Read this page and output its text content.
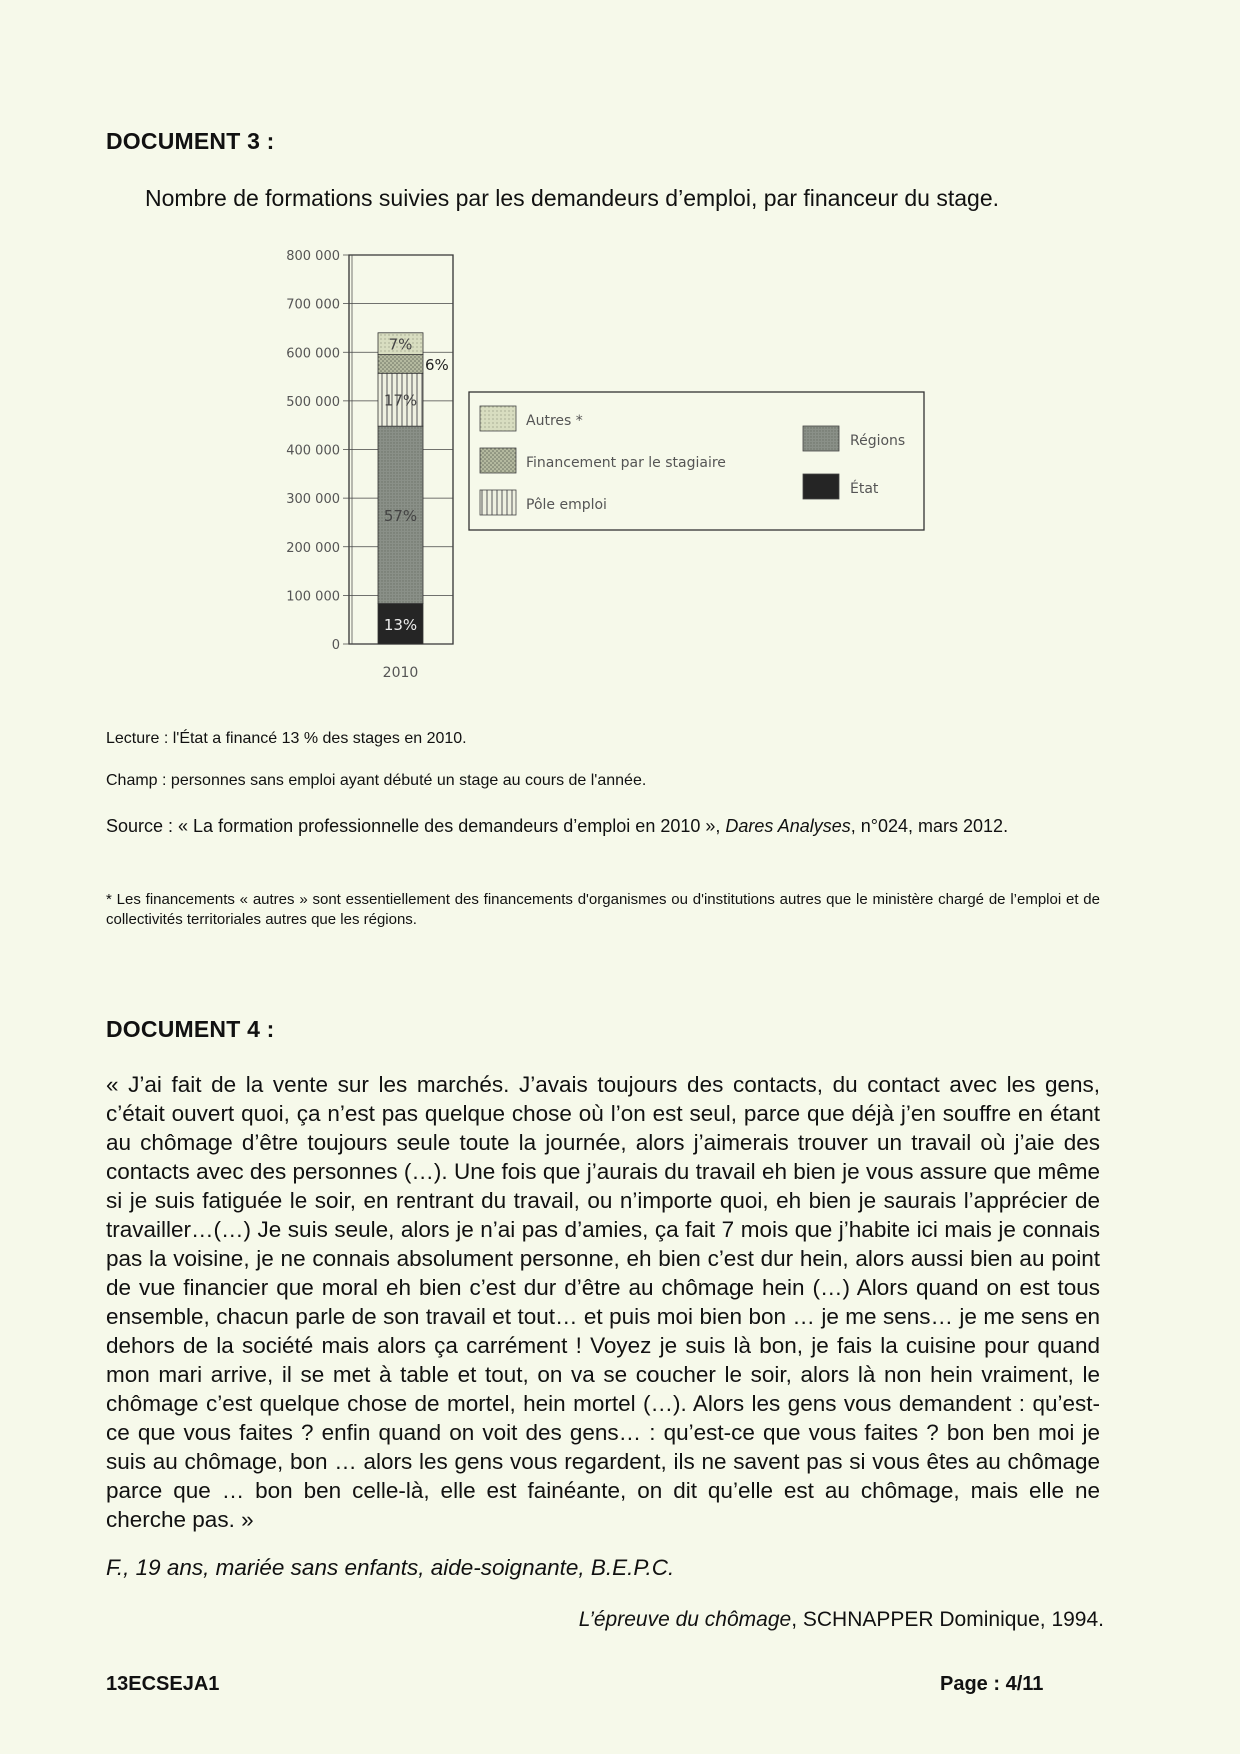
DOCUMENT 3 :
Nombre de formations suivies par les demandeurs d’emploi, par financeur du stage.
0
100 000
200 000
300 000
400 000
500 000
600 000
700 000
800 000
2010
13%
57%
17%
6%
7%
Autres *
Financement par le stagiaire
Pôle emploi
Régions
État
Lecture : l'État a financé 13 % des stages en 2010.
Champ : personnes sans emploi ayant débuté un stage au cours de l'année.
Source : « La formation professionnelle des demandeurs d’emploi en 2010 », Dares Analyses, n°024, mars 2012.
* Les financements « autres » sont essentiellement des financements d'organismes ou d'institutions autres que le ministère chargé de l’emploi et de collectivités territoriales autres que les régions.
DOCUMENT 4 :
« J’ai fait de la vente sur les marchés. J’avais toujours des contacts, du contact avec les gens, c’était ouvert quoi, ça n’est pas quelque chose où l’on est seul, parce que déjà j’en souffre en étant au chômage d’être toujours seule toute la journée, alors j’aimerais trouver un travail où j’aie des contacts avec des personnes (…). Une fois que j’aurais du travail eh bien je vous assure que même si je suis fatiguée le soir, en rentrant du travail, ou n’importe quoi, eh bien je saurais l’apprécier de travailler…(…) Je suis seule, alors je n’ai pas d’amies, ça fait 7 mois que j’habite ici mais je connais pas la voisine, je ne connais absolument personne, eh bien c’est dur hein, alors aussi bien au point de vue financier que moral eh bien c’est dur d’être au chômage hein (…) Alors quand on est tous ensemble, chacun parle de son travail et tout… et puis moi bien bon … je me sens… je me sens en dehors de la société mais alors ça carrément ! Voyez je suis là bon, je fais la cuisine pour quand mon mari arrive, il se met à table et tout, on va se coucher le soir, alors là non hein vraiment, le chômage c’est quelque chose de mortel, hein mortel (…). Alors les gens vous demandent : qu’est-ce que vous faites ? enfin quand on voit des gens… : qu’est-ce que vous faites ? bon ben moi je suis au chômage, bon … alors les gens vous regardent, ils ne savent pas si vous êtes au chômage parce que … bon ben celle-là, elle est fainéante, on dit qu’elle est au chômage, mais elle ne cherche pas. »
F., 19 ans, mariée sans enfants, aide-soignante, B.E.P.C.
L’épreuve du chômage, SCHNAPPER Dominique, 1994.
13ECSEJA1	Page : 4/11
